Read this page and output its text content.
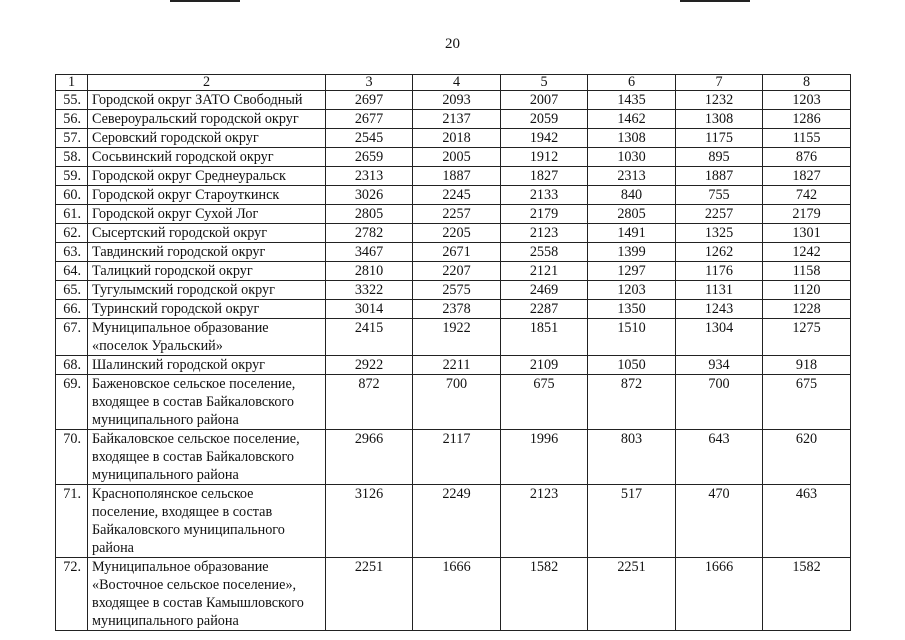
20
1	2	3	4	5	6	7	8
55.	Городской округ ЗАТО Свободный	2697	2093	2007	1435	1232	1203
56.	Североуральский городской округ	2677	2137	2059	1462	1308	1286
57.	Серовский городской округ	2545	2018	1942	1308	1175	1155
58.	Сосьвинский городской округ	2659	2005	1912	1030	895	876
59.	Городской округ Среднеуральск	2313	1887	1827	2313	1887	1827
60.	Городской округ Староуткинск	3026	2245	2133	840	755	742
61.	Городской округ Сухой Лог	2805	2257	2179	2805	2257	2179
62.	Сысертский городской округ	2782	2205	2123	1491	1325	1301
63.	Тавдинский городской округ	3467	2671	2558	1399	1262	1242
64.	Талицкий городской округ	2810	2207	2121	1297	1176	1158
65.	Тугулымский городской округ	3322	2575	2469	1203	1131	1120
66.	Туринский городской округ	3014	2378	2287	1350	1243	1228
67.	Муниципальное образование «поселок Уральский»	2415	1922	1851	1510	1304	1275
68.	Шалинский городской округ	2922	2211	2109	1050	934	918
69.	Баженовское сельское поселение, входящее в состав Байкаловского муниципального района	872	700	675	872	700	675
70.	Байкаловское сельское поселение, входящее в состав Байкаловского муниципального района	2966	2117	1996	803	643	620
71.	Краснополянское сельское поселение, входящее в состав Байкаловского муниципального района	3126	2249	2123	517	470	463
72.	Муниципальное образование «Восточное сельское поселение», входящее в состав Камышловского муниципального района	2251	1666	1582	2251	1666	1582
